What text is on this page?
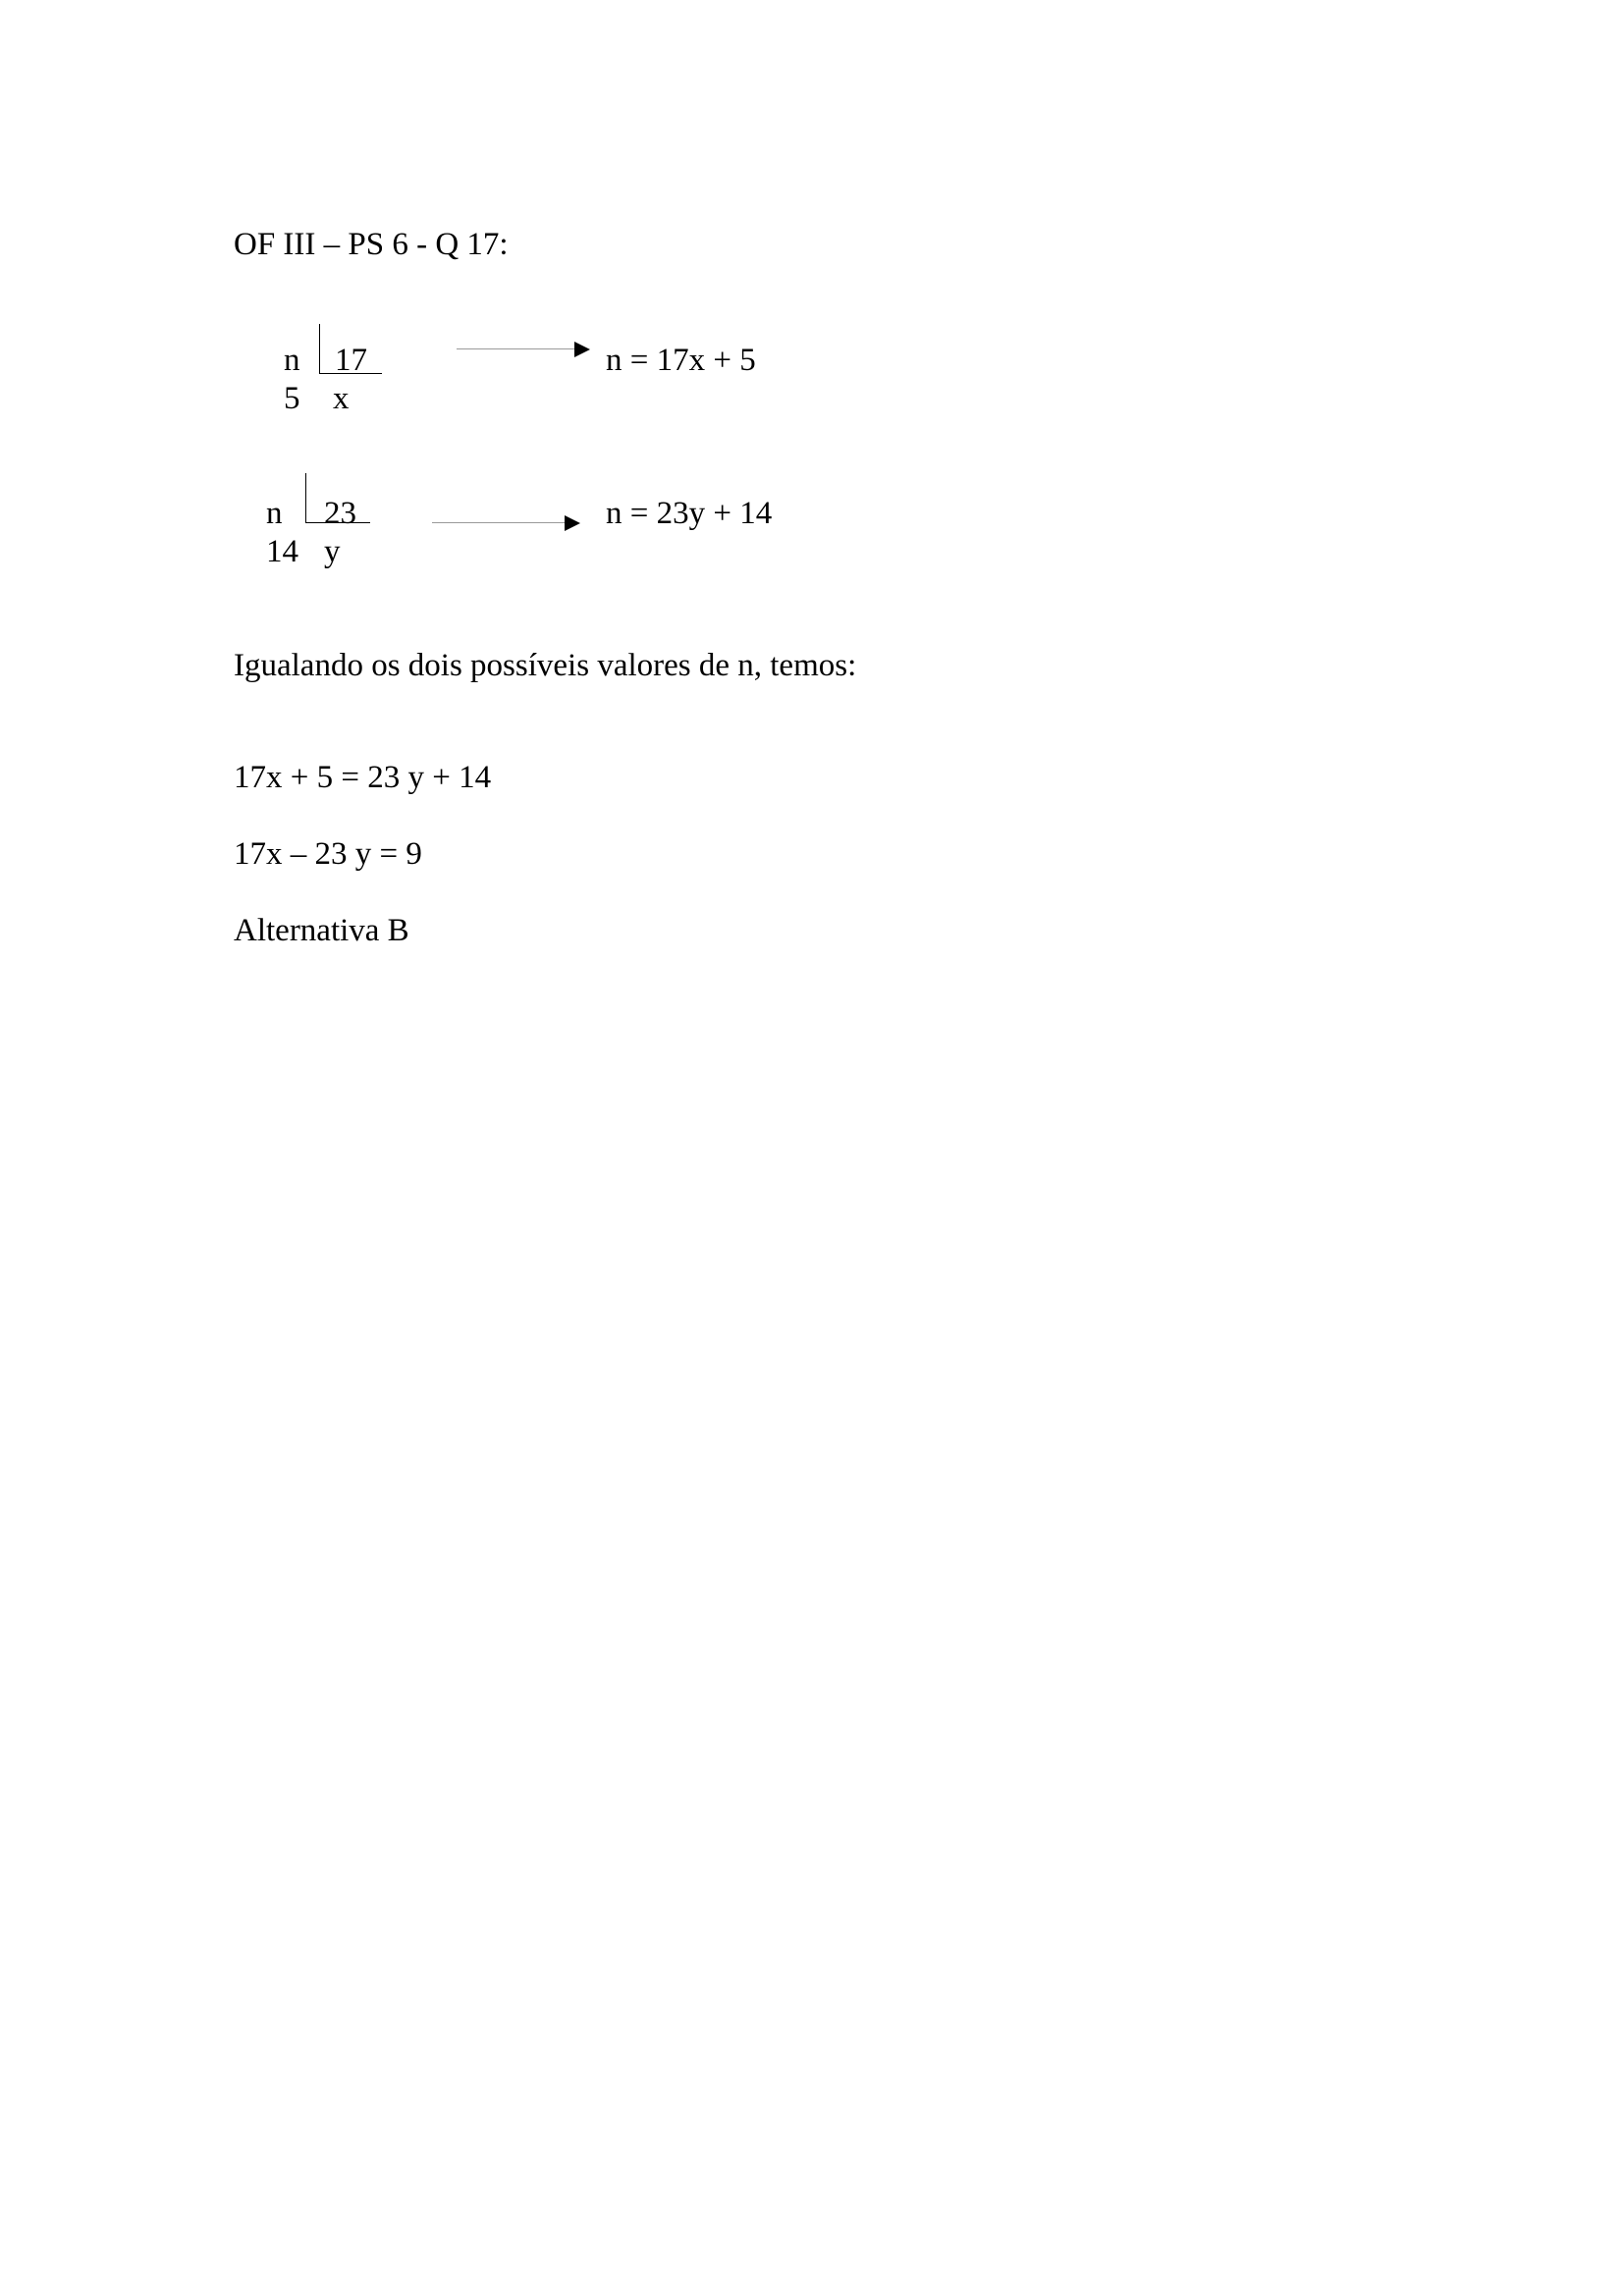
OF III – PS 6 - Q 17:
n 17
5 x
n = 17x + 5
n 23
14 y
n = 23y + 14
Igualando os dois possíveis valores de n, temos:
17x + 5 = 23 y + 14
17x – 23 y = 9
Alternativa B
